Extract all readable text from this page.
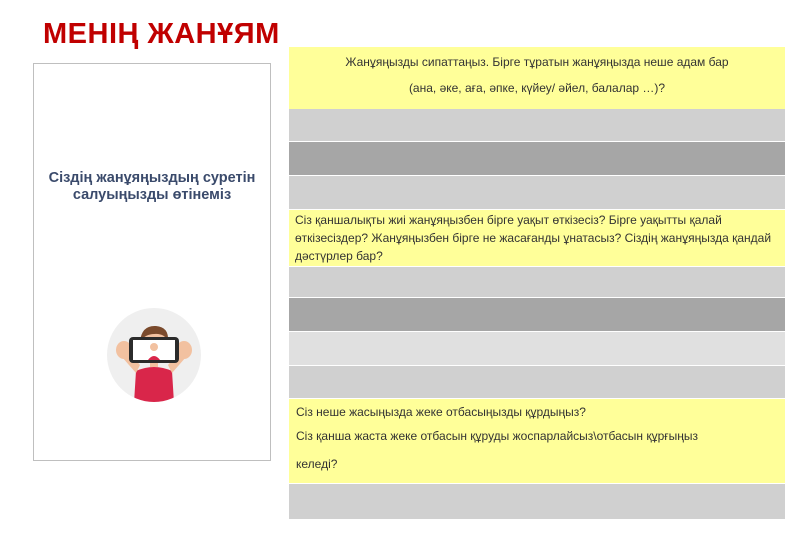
МЕНІҢ ЖАНҰЯМ
Сіздің жанұяңыздың суретін салуыңызды өтінеміз
Жанұяңызды сипаттаңыз. Бірге тұратын жанұяңызда неше адам бар
(ана, әке, аға, әпке, күйеу/ әйел, балалар …)?
Сіз қаншалықты жиі жанұяңызбен бірге уақыт өткізесіз? Бірге уақытты қалай өткізесіздер? Жанұяңызбен бірге не жасағанды ұнатасыз? Сіздің жанұяңызда қандай дәстүрлер бар?
Сіз неше жасыңызда жеке отбасыңызды құрдыңыз?
Сіз қанша жаста жеке отбасын құруды жоспарлайсыз\отбасын құрғыңыз
келеді?
